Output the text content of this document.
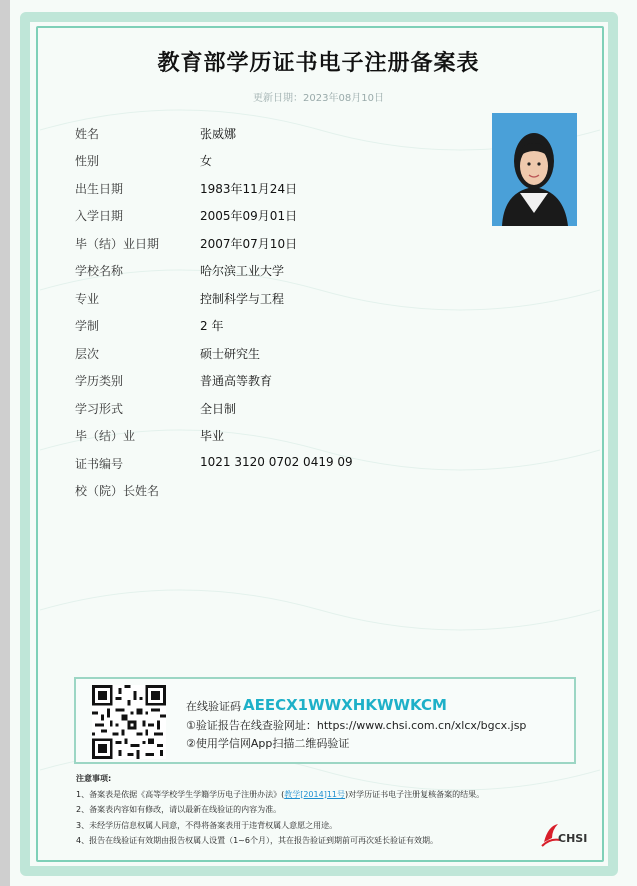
教育部学历证书电子注册备案表
更新日期：2023年08月10日
姓名	张威娜
性别	女
出生日期	1983年11月24日
入学日期	2005年09月01日
毕（结）业日期	2007年07月10日
学校名称	哈尔滨工业大学
专业	控制科学与工程
学制	2 年
层次	硕士研究生
学历类别	普通高等教育
学习形式	全日制
毕（结）业	毕业
证书编号	1021 3120 0702 0419 09
校（院）长姓名
在线验证码 AEECX1WWXHKWWKCM
①验证报告在线查验网址：https://www.chsi.com.cn/xlcx/bgcx.jsp
②使用学信网App扫描二维码验证
注意事项:
1、备案表是依据《高等学校学生学籍学历电子注册办法》(教学[2014]11号)对学历证书电子注册复核备案的结果。
2、备案表内容如有修改，请以最新在线验证的内容为准。
3、未经学历信息权属人同意，不得将备案表用于违背权属人意愿之用途。
4、报告在线验证有效期由报告权属人设置（1~6个月），其在报告验证到期前可再次延长验证有效期。	CHSI
